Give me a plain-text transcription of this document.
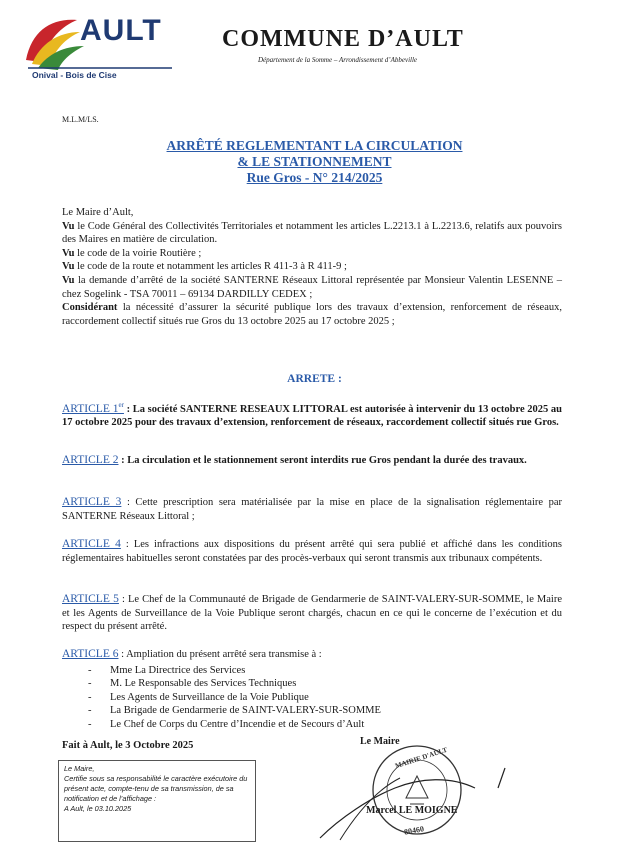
AULT
Onival - Bois de Cise
COMMUNE D’AULT
Département de la Somme – Arrondissement d’Abbeville
M.L.M/LS.
ARRÊTÉ REGLEMENTANT LA CIRCULATION
& LE STATIONNEMENT
Rue Gros - N° 214/2025
Le Maire d’Ault,
Vu le Code Général des Collectivités Territoriales et notamment les articles L.2213.1 à L.2213.6, relatifs aux pouvoirs des Maires en matière de circulation.
Vu le code de la voirie Routière ;
Vu le code de la route et notamment les articles R 411-3 à R 411-9 ;
Vu la demande d’arrêté de la société SANTERNE Réseaux Littoral représentée par Monsieur Valentin LESENNE – chez Sogelink - TSA 70011 – 69134 DARDILLY CEDEX ;
Considérant la nécessité d’assurer la sécurité publique lors des travaux d’extension, renforcement de réseaux, raccordement collectif situés rue Gros du 13 octobre 2025 au 17 octobre 2025 ;
ARRETE :
ARTICLE 1er : La société SANTERNE RESEAUX LITTORAL est autorisée à intervenir du 13 octobre 2025 au 17 octobre 2025 pour des travaux d’extension, renforcement de réseaux, raccordement collectif situés rue Gros.
ARTICLE 2 : La circulation et le stationnement seront interdits rue Gros pendant la durée des travaux.
ARTICLE 3 : Cette prescription sera matérialisée par la mise en place de la signalisation réglementaire par SANTERNE Réseaux Littoral ;
ARTICLE 4 : Les infractions aux dispositions du présent arrêté qui sera publié et affiché dans les conditions réglementaires habituelles seront constatées par des procès-verbaux qui seront transmis aux tribunaux compétents.
ARTICLE 5 : Le Chef de la Communauté de Brigade de Gendarmerie de SAINT-VALERY-SUR-SOMME, le Maire et les Agents de Surveillance de la Voie Publique seront chargés, chacun en ce qui le concerne de l’exécution et du respect du présent arrêté.
ARTICLE 6 : Ampliation du présent arrêté sera transmise à :
- Mme La Directrice des Services
- M. Le Responsable des Services Techniques
- Les Agents de Surveillance de la Voie Publique
- La Brigade de Gendarmerie de SAINT-VALERY-SUR-SOMME
- Le Chef de Corps du Centre d’Incendie et de Secours d’Ault
Fait à Ault, le 3 Octobre 2025
Le Maire,
Certifie sous sa responsabilité le caractère exécutoire du présent acte, compte-tenu de sa transmission, de sa notification et de l’affichage :
A Ault, le 03.10.2025
MAIRIE D'AULT
80460
Le Maire
Marcel LE MOIGNE
